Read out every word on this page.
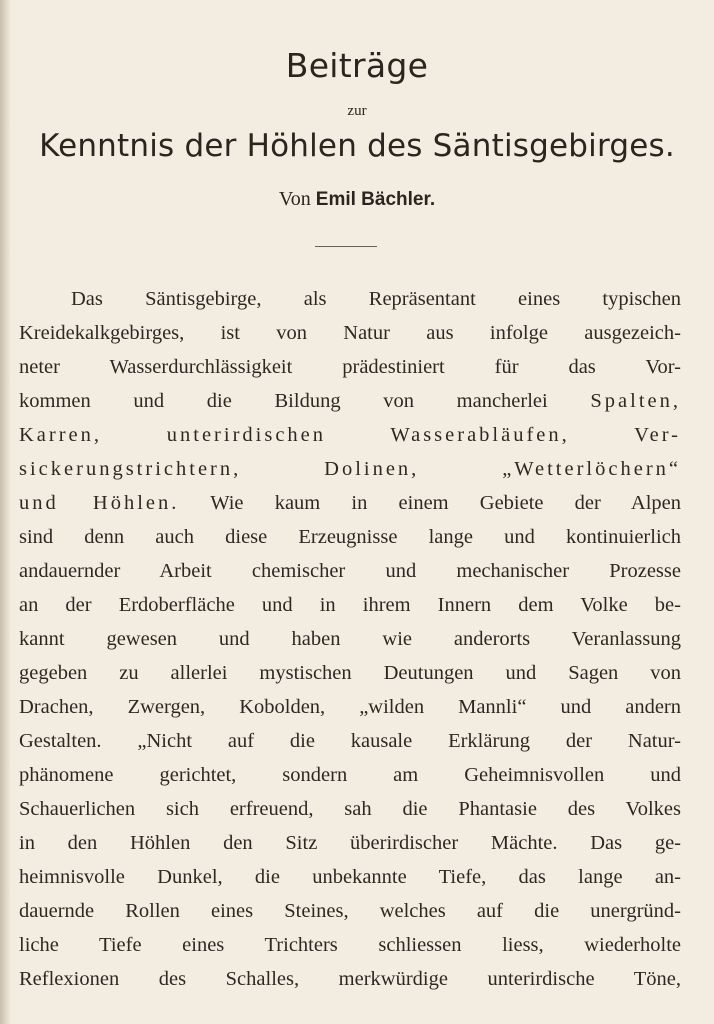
Beiträge
zur
Kenntnis der Höhlen des Säntisgebirges.
Von Emil Bächler.
Das Säntisgebirge, als Repräsentant eines typischen
Kreidekalkgebirges, ist von Natur aus infolge ausgezeich-
neter Wasserdurchlässigkeit prädestiniert für das Vor-
kommen und die Bildung von mancherlei Spalten,
Karren, unterirdischen Wasserabläufen, Ver-
sickerungstrichtern, Dolinen, „Wetterlöchern“
und Höhlen. Wie kaum in einem Gebiete der Alpen
sind denn auch diese Erzeugnisse lange und kontinuierlich
andauernder Arbeit chemischer und mechanischer Prozesse
an der Erdoberfläche und in ihrem Innern dem Volke be-
kannt gewesen und haben wie anderorts Veranlassung
gegeben zu allerlei mystischen Deutungen und Sagen von
Drachen, Zwergen, Kobolden, „wilden Mannli“ und andern
Gestalten. „Nicht auf die kausale Erklärung der Natur-
phänomene gerichtet, sondern am Geheimnisvollen und
Schauerlichen sich erfreuend, sah die Phantasie des Volkes
in den Höhlen den Sitz überirdischer Mächte. Das ge-
heimnisvolle Dunkel, die unbekannte Tiefe, das lange an-
dauernde Rollen eines Steines, welches auf die unergründ-
liche Tiefe eines Trichters schliessen liess, wiederholte
Reflexionen des Schalles, merkwürdige unterirdische Töne,
